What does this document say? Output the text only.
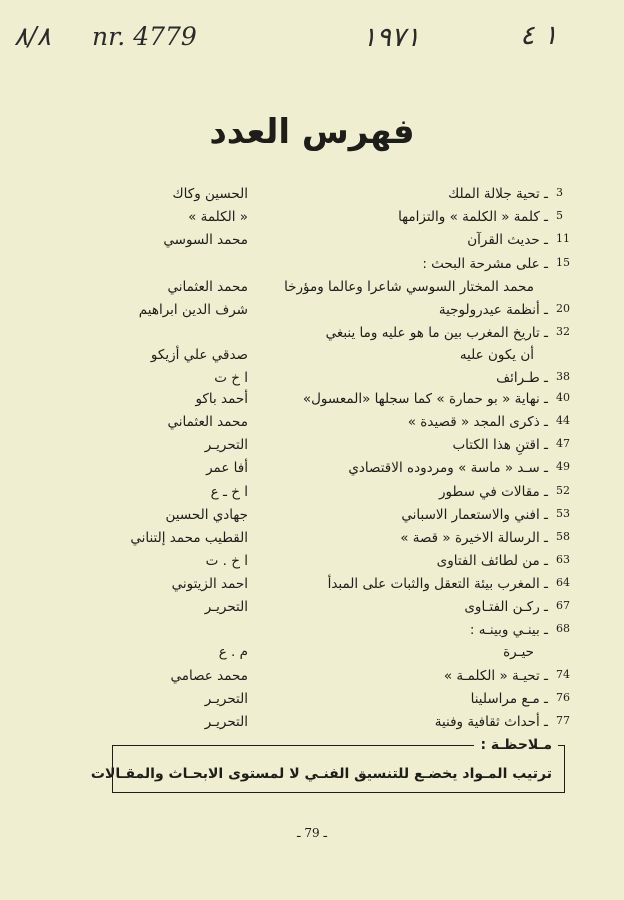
٨/٨ nr. 4779	١٩٧١	١ ٤
فهرس العدد
3
ـ تحية جلالة الملك
الحسين وكاك
5
ـ كلمة « الكلمة » والتزامها
« الكلمة »
11
ـ حديث القرآن
محمد السوسي
15
ـ على مشرحة البحث :
محمد المختار السوسي شاعرا وعالما ومؤرخا
محمد العثماني
20
ـ أنظمة عيدرولوجية
شرف الدين ابراهيم
32
ـ تاريخ المغرب بين ما هو عليه وما ينبغي
أن يكون عليه
صدقي علي أزيكو
38
ـ طـرائف
ا خ ت
40
ـ نهاية « بو حمارة » كما سجلها «المعسول»
أحمد باكو
44
ـ ذكرى المجد « قصيدة »
محمد العثماني
47
ـ اقتنِ هذا الكتاب
التحريـر
49
ـ سـد « ماسة » ومردوده الاقتصادي
أفا عمر
52
ـ مقالات في سطور
ا خ ـ ع
53
ـ افني والاستعمار الاسباني
جهادي الحسين
58
ـ الرسالة الاخيرة « قصة »
القطيب محمد إلتناني
63
ـ من لطائف الفتاوى
ا خ . ت
64
ـ المغرب بيئة التعقل والثبات على المبدأ
احمد الزيتوني
67
ـ ركـن الفتـاوى
التحريـر
68
ـ بينـي وبينـه :
حيـرة
م . ع
74
ـ تحيـة « الكلمـة »
محمد عصامي
76
ـ مـع مراسلينا
التحريـر
77
ـ أحداث ثقافية وفنية
التحريـر
مـلاحظـة :
ترتيب المـواد يخضـع للتنسيق الفنـي لا لمستوى الابحـاث والمقـالات
ـ 79 ـ
